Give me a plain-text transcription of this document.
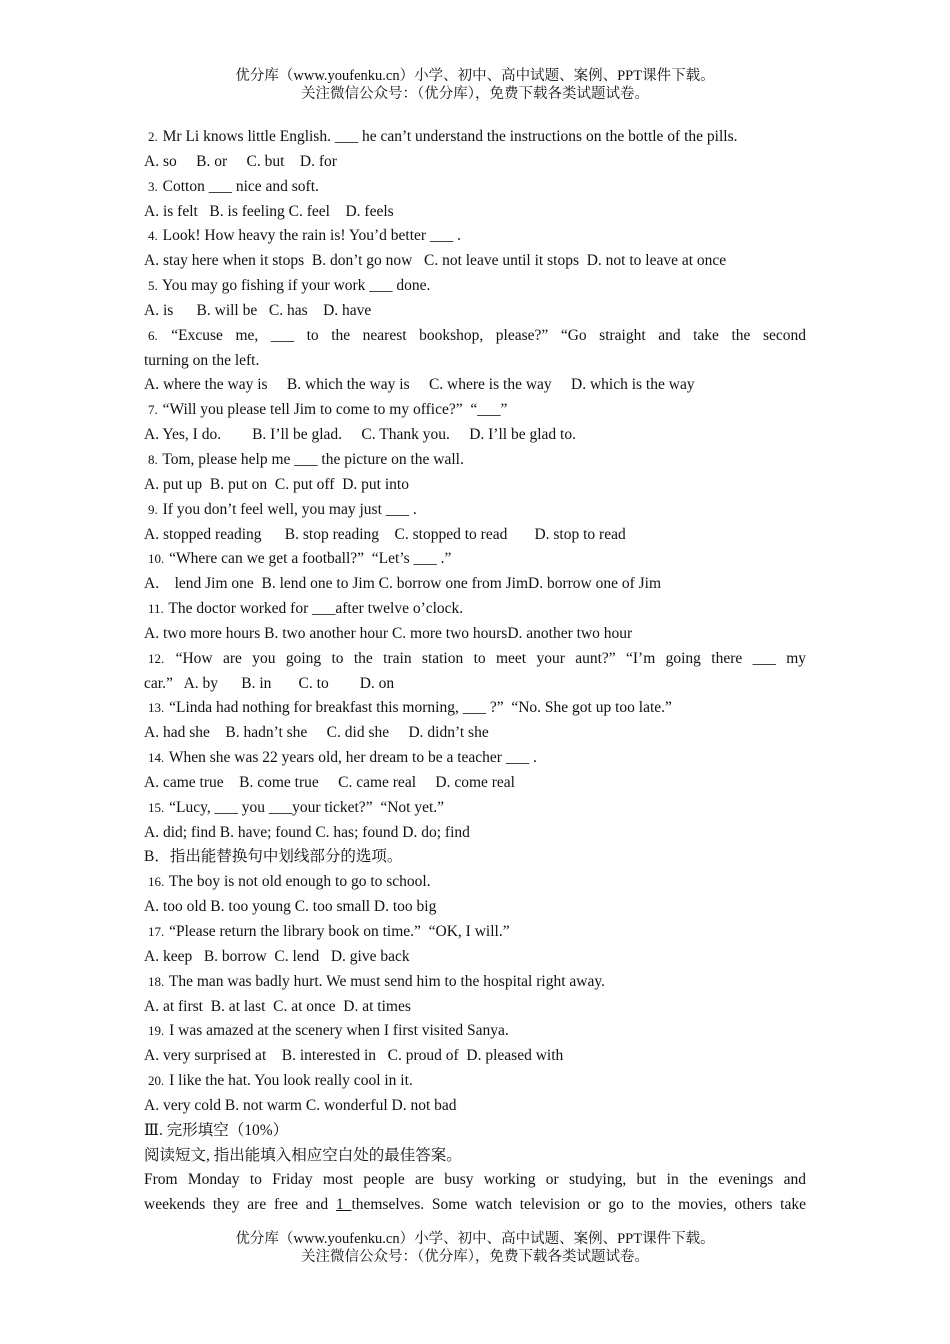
优分库（www.youfenku.cn）小学、初中、高中试题、案例、PPT课件下载。
关注微信公众号：（优分库），免费下载各类试题试卷。
2. Mr Li knows little English. ___ he can’t understand the instructions on the bottle of the pills.
A. so     B. or     C. but    D. for
3. Cotton ___ nice and soft.
A. is felt   B. is feeling C. feel    D. feels
4. Look! How heavy the rain is! You’d better ___ .
A. stay here when it stops  B. don’t go now   C. not leave until it stops  D. not to leave at once
5. You may go fishing if your work ___ done.
A. is      B. will be   C. has    D. have
6. “Excuse me, ___ to the nearest bookshop, please?” “Go straight and take the second
turning on the left.
A. where the way is     B. which the way is     C. where is the way     D. which is the way
7. “Will you please tell Jim to come to my office?”  “___”
A. Yes, I do.        B. I’ll be glad.     C. Thank you.     D. I’ll be glad to.
8. Tom, please help me ___ the picture on the wall.
A. put up  B. put on  C. put off  D. put into
9. If you don’t feel well, you may just ___ .
A. stopped reading      B. stop reading    C. stopped to read       D. stop to read
10. “Where can we get a football?”  “Let’s ___ .”
A.    lend Jim one  B. lend one to Jim C. borrow one from JimD. borrow one of Jim
11. The doctor worked for ___after twelve o’clock.
A. two more hours B. two another hour C. more two hoursD. another two hour
12. “How are you going to the train station to meet your aunt?” “I’m going there ___ my
car.”   A. by      B. in       C. to        D. on
13. “Linda had nothing for breakfast this morning, ___ ?”  “No. She got up too late.”
A. had she    B. hadn’t she     C. did she     D. didn’t she
14. When she was 22 years old, her dream to be a teacher ___ .
A. came true    B. come true     C. came real     D. come real
15. “Lucy, ___ you ___your ticket?”  “Not yet.”
A. did; find B. have; found C. has; found D. do; find
B．指出能替换句中划线部分的选项。
16. The boy is not old enough to go to school.
A. too old B. too young C. too small D. too big
17. “Please return the library book on time.”  “OK, I will.”
A. keep   B. borrow  C. lend   D. give back
18. The man was badly hurt. We must send him to the hospital right away.
A. at first  B. at last  C. at once  D. at times
19. I was amazed at the scenery when I first visited Sanya.
A. very surprised at    B. interested in   C. proud of  D. pleased with
20. I like the hat. You look really cool in it.
A. very cold B. not warm C. wonderful D. not bad
Ⅲ. 完形填空（10%）
阅读短文, 指出能填入相应空白处的最佳答案。
From Monday to Friday most people are busy working or studying, but in the evenings and
weekends they are free and 1 themselves. Some watch television or go to the movies, others take
优分库（www.youfenku.cn）小学、初中、高中试题、案例、PPT课件下载。
关注微信公众号：（优分库），免费下载各类试题试卷。
